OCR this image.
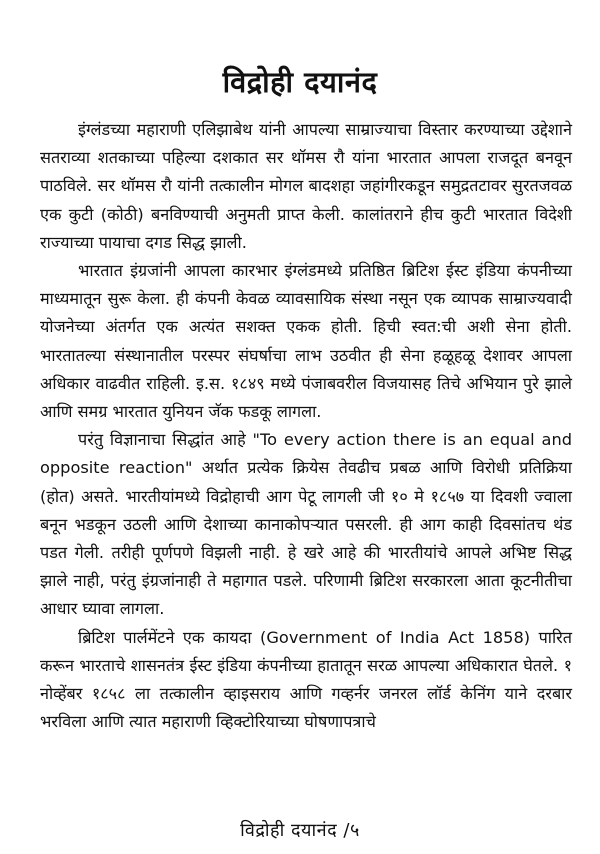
विद्रोही दयानंद

इंग्लंडच्या महाराणी एलिझाबेथ यांनी आपल्या साम्राज्याचा विस्तार करण्याच्या उद्देशाने सतराव्या शतकाच्या पहिल्या दशकात सर थॉमस रौ यांना भारतात आपला राजदूत बनवून पाठविले. सर थॉमस रौ यांनी तत्कालीन मोगल बादशहा जहांगीरकडून समुद्रतटावर सुरतजवळ एक कुटी (कोठी) बनविण्याची अनुमती प्राप्त केली. कालांतराने हीच कुटी भारतात विदेशी राज्याच्या पायाचा दगड सिद्ध झाली.

भारतात इंग्रजांनी आपला कारभार इंग्लंडमध्ये प्रतिष्ठित ब्रिटिश ईस्ट इंडिया कंपनीच्या माध्यमातून सुरू केला. ही कंपनी केवळ व्यावसायिक संस्था नसून एक व्यापक साम्राज्यवादी योजनेच्या अंतर्गत एक अत्यंत सशक्त एकक होती. हिची स्वत:ची अशी सेना होती. भारतातल्या संस्थानातील परस्पर संघर्षाचा लाभ उठवीत ही सेना हळूहळू देशावर आपला अधिकार वाढवीत राहिली. इ.स. १८४९ मध्ये पंजाबवरील विजयासह तिचे अभियान पुरे झाले आणि समग्र भारतात युनियन जॅक फडकू लागला.

परंतु विज्ञानाचा सिद्धांत आहे "To every action there is an equal and opposite reaction" अर्थात प्रत्येक क्रियेस तेवढीच प्रबळ आणि विरोधी प्रतिक्रिया (होत) असते. भारतीयांमध्ये विद्रोहाची आग पेटू लागली जी १० मे १८५७ या दिवशी ज्वाला बनून भडकून उठली आणि देशाच्या कानाकोपऱ्यात पसरली. ही आग काही दिवसांतच थंड पडत गेली. तरीही पूर्णपणे विझली नाही. हे खरे आहे की भारतीयांचे आपले अभिष्ट सिद्ध झाले नाही, परंतु इंग्रजांनाही ते महागात पडले. परिणामी ब्रिटिश सरकारला आता कूटनीतीचा आधार घ्यावा लागला.

ब्रिटिश पार्लमेंटने एक कायदा (Government of India Act 1858) पारित करून भारताचे शासनतंत्र ईस्ट इंडिया कंपनीच्या हातातून सरळ आपल्या अधिकारात घेतले. १ नोव्हेंबर १८५८ ला तत्कालीन व्हाइसराय आणि गव्हर्नर जनरल लॉर्ड केनिंग याने दरबार भरविला आणि त्यात महाराणी व्हिक्टोरियाच्या घोषणापत्राचे

विद्रोही दयानंद /५
